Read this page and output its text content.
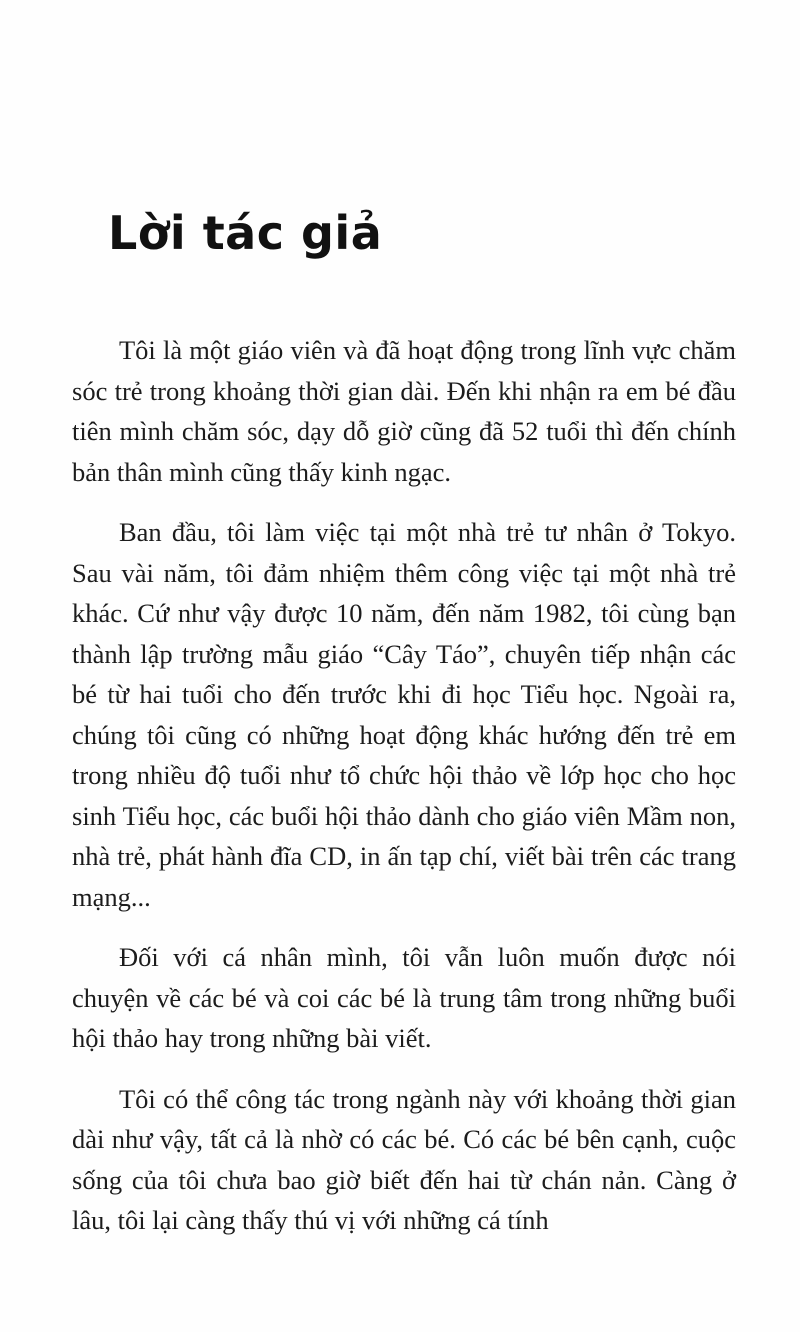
Lời tác giả

Tôi là một giáo viên và đã hoạt động trong lĩnh vực chăm sóc trẻ trong khoảng thời gian dài. Đến khi nhận ra em bé đầu tiên mình chăm sóc, dạy dỗ giờ cũng đã 52 tuổi thì đến chính bản thân mình cũng thấy kinh ngạc.

Ban đầu, tôi làm việc tại một nhà trẻ tư nhân ở Tokyo. Sau vài năm, tôi đảm nhiệm thêm công việc tại một nhà trẻ khác. Cứ như vậy được 10 năm, đến năm 1982, tôi cùng bạn thành lập trường mẫu giáo “Cây Táo”, chuyên tiếp nhận các bé từ hai tuổi cho đến trước khi đi học Tiểu học. Ngoài ra, chúng tôi cũng có những hoạt động khác hướng đến trẻ em trong nhiều độ tuổi như tổ chức hội thảo về lớp học cho học sinh Tiểu học, các buổi hội thảo dành cho giáo viên Mầm non, nhà trẻ, phát hành đĩa CD, in ấn tạp chí, viết bài trên các trang mạng...

Đối với cá nhân mình, tôi vẫn luôn muốn được nói chuyện về các bé và coi các bé là trung tâm trong những buổi hội thảo hay trong những bài viết.

Tôi có thể công tác trong ngành này với khoảng thời gian dài như vậy, tất cả là nhờ có các bé. Có các bé bên cạnh, cuộc sống của tôi chưa bao giờ biết đến hai từ chán nản. Càng ở lâu, tôi lại càng thấy thú vị với những cá tính
